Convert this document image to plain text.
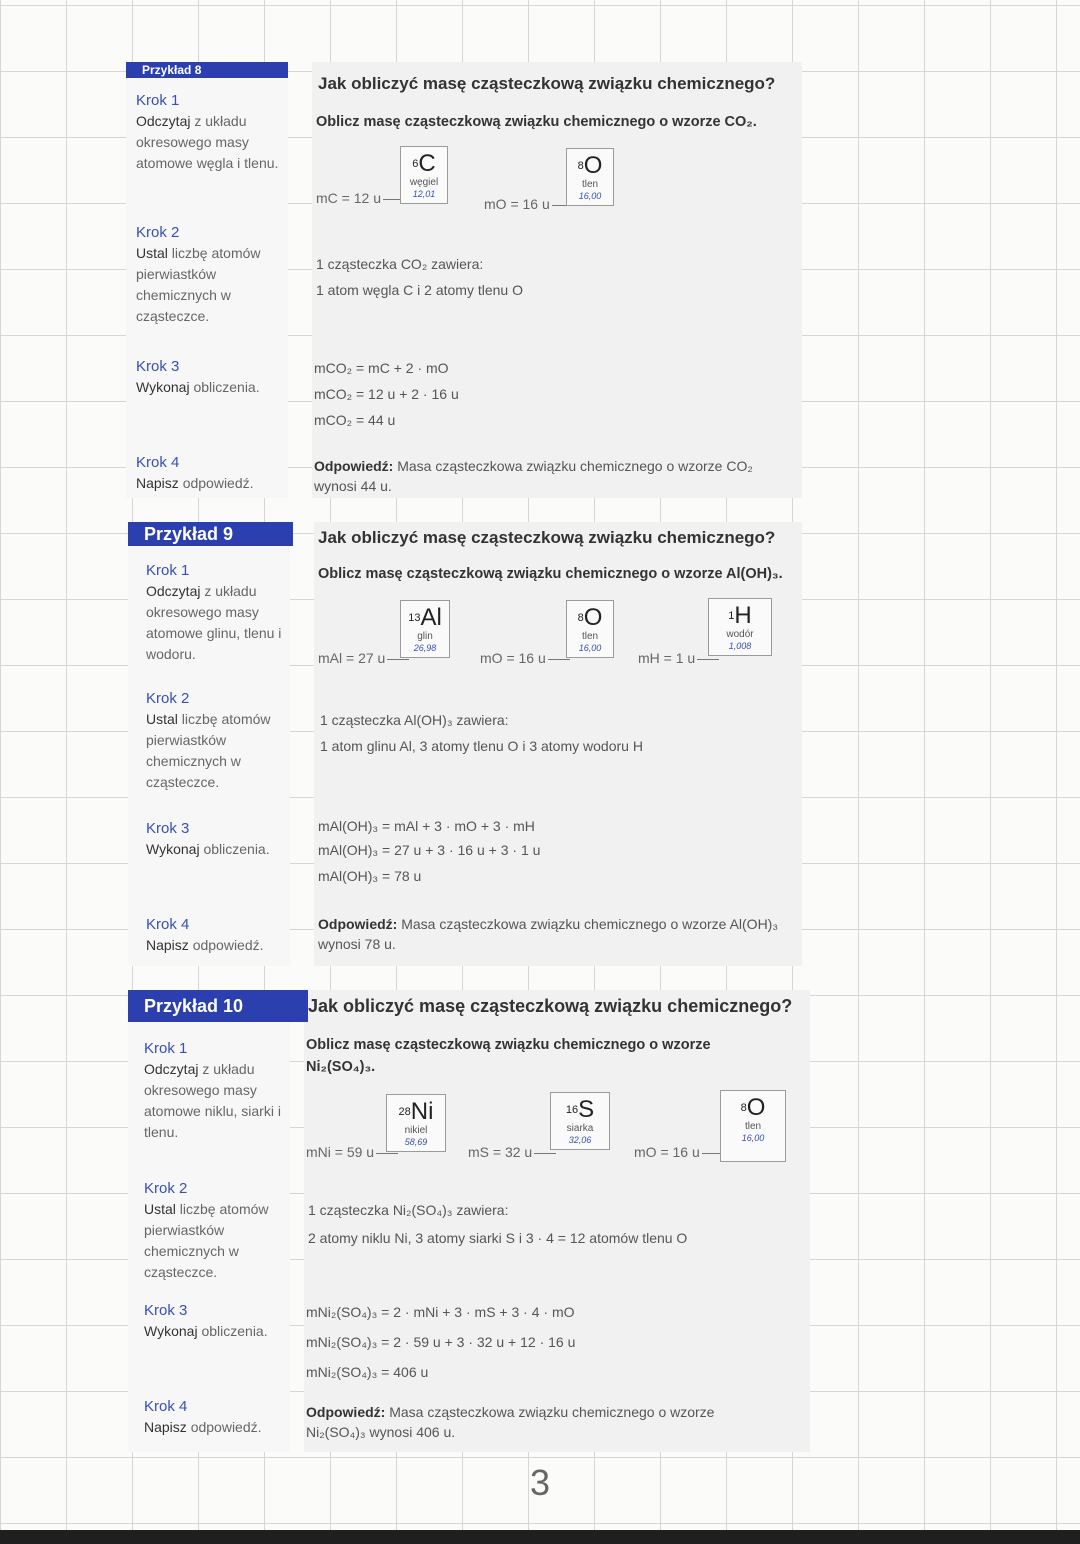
Przykład 8
Krok 1
Odczytaj z układu okresowego masy atomowe węgla i tlenu.
Krok 2
Ustal liczbę atomów pierwiastków chemicznych w cząsteczce.
Krok 3
Wykonaj obliczenia.
Krok 4
Napisz odpowiedź.
Jak obliczyć masę cząsteczkową związku chemicznego?
Oblicz masę cząsteczkową związku chemicznego o wzorze CO₂.
mC = 12 u
6C
węgiel
12,01
mO = 16 u
8O
tlen
16,00
1 cząsteczka CO₂ zawiera:
1 atom węgla C i 2 atomy tlenu O
mCO₂ = mC + 2 · mO
mCO₂ = 12 u + 2 · 16 u
mCO₂ = 44 u
Odpowiedź: Masa cząsteczkowa związku chemicznego o wzorze CO₂ wynosi 44 u.
Przykład 9
Krok 1
Odczytaj z układu okresowego masy atomowe glinu, tlenu i wodoru.
Krok 2
Ustal liczbę atomów pierwiastków chemicznych w cząsteczce.
Krok 3
Wykonaj obliczenia.
Krok 4
Napisz odpowiedź.
Jak obliczyć masę cząsteczkową związku chemicznego?
Oblicz masę cząsteczkową związku chemicznego o wzorze Al(OH)₃.
mAl = 27 u
13Al
glin
26,98
mO = 16 u
8O
tlen
16,00
mH = 1 u
1H
wodór
1,008
1 cząsteczka Al(OH)₃ zawiera:
1 atom glinu Al, 3 atomy tlenu O i 3 atomy wodoru H
mAl(OH)₃ = mAl + 3 · mO + 3 · mH
mAl(OH)₃ = 27 u + 3 · 16 u + 3 · 1 u
mAl(OH)₃ = 78 u
Odpowiedź: Masa cząsteczkowa związku chemicznego o wzorze Al(OH)₃ wynosi 78 u.
Przykład 10
Krok 1
Odczytaj z układu okresowego masy atomowe niklu, siarki i tlenu.
Krok 2
Ustal liczbę atomów pierwiastków chemicznych w cząsteczce.
Krok 3
Wykonaj obliczenia.
Krok 4
Napisz odpowiedź.
Jak obliczyć masę cząsteczkową związku chemicznego?
Oblicz masę cząsteczkową związku chemicznego o wzorze Ni₂(SO₄)₃.
mNi = 59 u
28Ni
nikiel
58,69
mS = 32 u
16S
siarka
32,06
mO = 16 u
8O
tlen
16,00
1 cząsteczka Ni₂(SO₄)₃ zawiera:
2 atomy niklu Ni, 3 atomy siarki S i 3 · 4 = 12 atomów tlenu O
mNi₂(SO₄)₃ = 2 · mNi + 3 · mS + 3 · 4 · mO
mNi₂(SO₄)₃ = 2 · 59 u + 3 · 32 u + 12 · 16 u
mNi₂(SO₄)₃ = 406 u
Odpowiedź: Masa cząsteczkowa związku chemicznego o wzorze Ni₂(SO₄)₃ wynosi 406 u.
3
